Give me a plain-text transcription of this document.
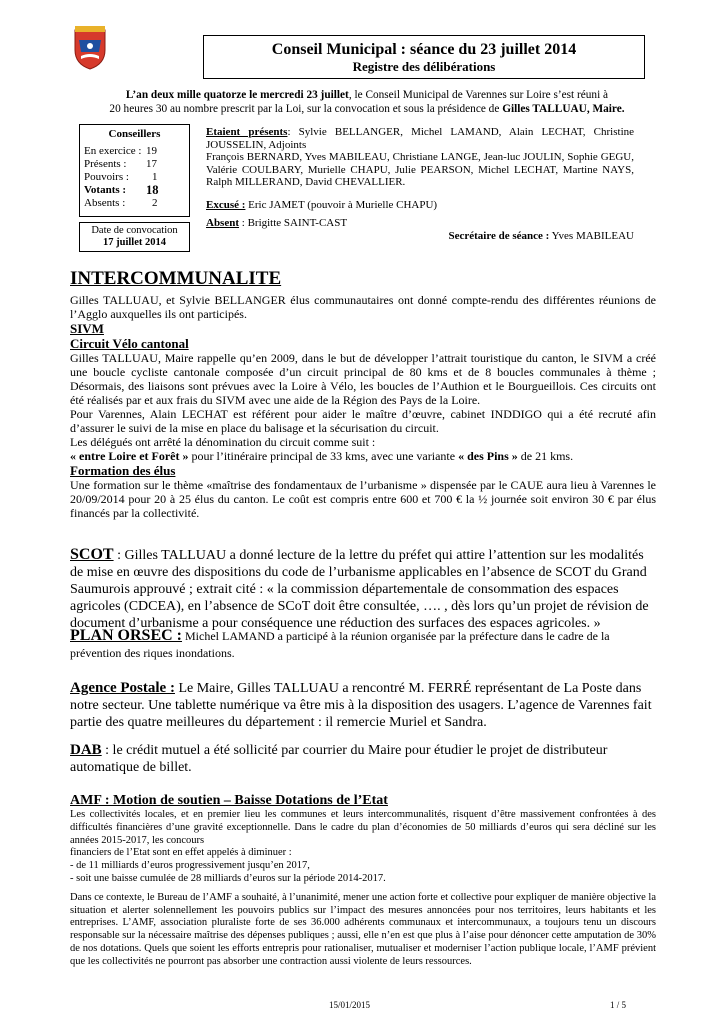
Conseil Municipal : séance du 23 juillet 2014
Registre des délibérations
L’an deux mille quatorze le mercredi 23 juillet, le Conseil Municipal de Varennes sur Loire s’est réuni à
20 heures 30 au nombre prescrit par la Loi, sur la convocation et sous la présidence de Gilles TALLUAU, Maire.
Conseillers
En exercice : 19
Présents :	17
Pouvoirs :	1
Votants :	18
Absents :	2
Date de convocation
17 juillet 2014
Etaient présents: Sylvie BELLANGER, Michel LAMAND, Alain LECHAT, Christine JOUSSELIN, Adjoints
François BERNARD, Yves MABILEAU, Christiane LANGE, Jean-luc JOULIN, Sophie GEGU, Valérie COULBARY, Murielle CHAPU, Julie PEARSON, Michel LECHAT, Martine NAYS, Ralph MILLERAND, David CHEVALLIER.
Excusé : Eric JAMET (pouvoir à Murielle CHAPU)
Absent : Brigitte SAINT-CAST
Secrétaire de séance : Yves MABILEAU
INTERCOMMUNALITE
Gilles TALLUAU, et Sylvie BELLANGER élus communautaires ont donné compte-rendu des différentes réunions de l’Agglo auxquelles ils ont participés.
SIVM
Circuit Vélo cantonal
Gilles TALLUAU, Maire rappelle qu’en 2009, dans le but de développer l’attrait touristique du canton, le SIVM a créé une boucle cycliste cantonale composée d’un circuit principal de 80 kms et de 8 boucles communales à thème ; Désormais, des liaisons sont prévues avec la Loire à Vélo, les boucles de l’Authion et le Bourgueillois. Ces circuits ont été réalisés par et aux frais du SIVM avec une aide de la Région des Pays de la Loire.
Pour Varennes, Alain LECHAT est référent pour aider le maître d’œuvre, cabinet INDDIGO qui a été recruté afin d’assurer le suivi de la mise en place du balisage et la sécurisation du circuit.
Les délégués ont arrêté la dénomination du circuit comme suit :
« entre Loire et Forêt » pour l’itinéraire principal de 33 kms, avec une variante « des Pins » de 21 kms.
Formation des élus
Une formation sur le thème «maîtrise des fondamentaux de l’urbanisme » dispensée par le CAUE aura lieu à Varennes le 20/09/2014 pour 20 à 25 élus du canton. Le coût est compris entre 600 et 700 € la ½ journée soit environ 30 € par élus financés par la collectivité.
SCOT : Gilles TALLUAU a donné lecture de la lettre du préfet qui attire l’attention sur les modalités de mise en œuvre des dispositions du code de l’urbanisme applicables en l’absence de SCOT du Grand Saumurois approuvé ; extrait cité : « la commission départementale de consommation des espaces agricoles (CDCEA), en l’absence de SCoT doit être consultée, …. , dès lors qu’un projet de révision de document d’urbanisme a pour conséquence une réduction des surfaces des espaces agricoles. »
PLAN ORSEC : Michel LAMAND a participé à la réunion organisée par la préfecture dans le cadre de la prévention des riques inondations.
Agence Postale : Le Maire, Gilles TALLUAU a rencontré M. FERRÉ représentant de La Poste dans notre secteur. Une tablette numérique va être mis à la disposition des usagers. L’agence de Varennes fait partie des quatre meilleures du département : il remercie Muriel et Sandra.
DAB : le crédit mutuel a été sollicité par courrier du Maire pour étudier le projet de distributeur automatique de billet.
AMF : Motion de soutien – Baisse Dotations de l’Etat
Les collectivités locales, et en premier lieu les communes et leurs intercommunalités, risquent d’être massivement confrontées à des difficultés financières d’une gravité exceptionnelle. Dans le cadre du plan d’économies de 50 milliards d’euros qui sera décliné sur les années 2015-2017, les concours
financiers de l’Etat sont en effet appelés à diminuer :
- de 11 milliards d’euros progressivement jusqu’en 2017,
- soit une baisse cumulée de 28 milliards d’euros sur la période 2014-2017.
Dans ce contexte, le Bureau de l’AMF a souhaité, à l’unanimité, mener une action forte et collective pour expliquer de manière objective la situation et alerter solennellement les pouvoirs publics sur l’impact des mesures annoncées pour nos territoires, leurs habitants et les entreprises. L’AMF, association pluraliste forte de ses 36.000 adhérents communaux et intercommunaux, a toujours tenu un discours responsable sur la nécessaire maîtrise des dépenses publiques ; aussi, elle n’en est que plus à l’aise pour dénoncer cette amputation de 30% de nos dotations. Quels que soient les efforts entrepris pour rationaliser, mutualiser et moderniser l’action publique locale, l’AMF prévient que les collectivités ne pourront pas absorber une contraction aussi violente de leurs ressources.
15/01/2015	1 / 5
